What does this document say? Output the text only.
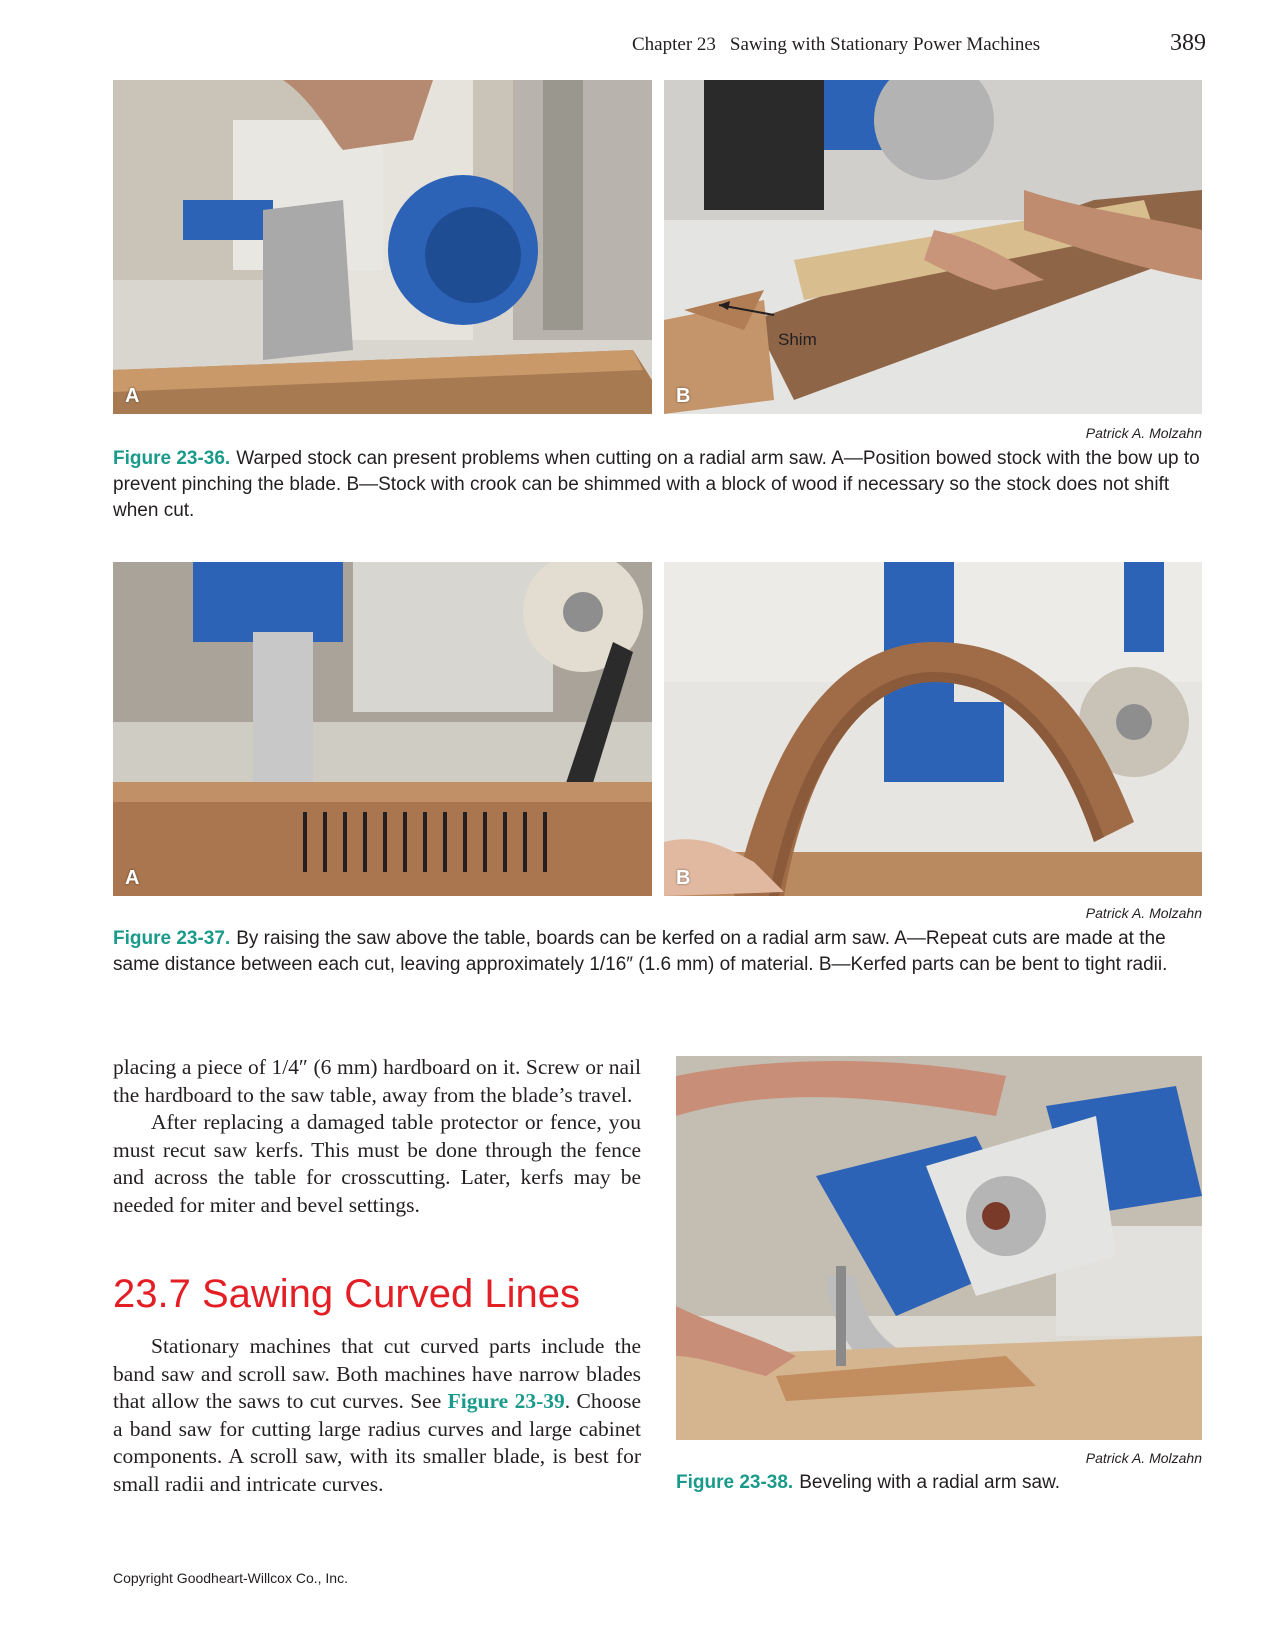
Chapter 23 Sawing with Stationary Power Machines	389
A
Shim
B
Patrick A. Molzahn
Figure 23-36. Warped stock can present problems when cutting on a radial arm saw. A—Position bowed stock with the bow up to prevent pinching the blade. B—Stock with crook can be shimmed with a block of wood if necessary so the stock does not shift when cut.
A	B
Patrick A. Molzahn
Figure 23-37. By raising the saw above the table, boards can be kerfed on a radial arm saw. A—Repeat cuts are made at the same distance between each cut, leaving approximately 1/16″ (1.6 mm) of material. B—Kerfed parts can be bent to tight radii.

placing a piece of 1/4″ (6 mm) hardboard on it. Screw or nail the hardboard to the saw table, away from the blade’s travel.

After replacing a damaged table protector or fence, you must recut saw kerfs. This must be done through the fence and across the table for crosscutting. Later, kerfs may be needed for miter and bevel settings.

23.7 Sawing Curved Lines

Stationary machines that cut curved parts include the band saw and scroll saw. Both machines have narrow blades that allow the saws to cut curves. See Figure 23-39. Choose a band saw for cutting large radius curves and large cabinet components. A scroll saw, with its smaller blade, is best for small radii and intricate curves.

Patrick A. Molzahn
Figure 23-38. Beveling with a radial arm saw.
Copyright Goodheart-Willcox Co., Inc.
